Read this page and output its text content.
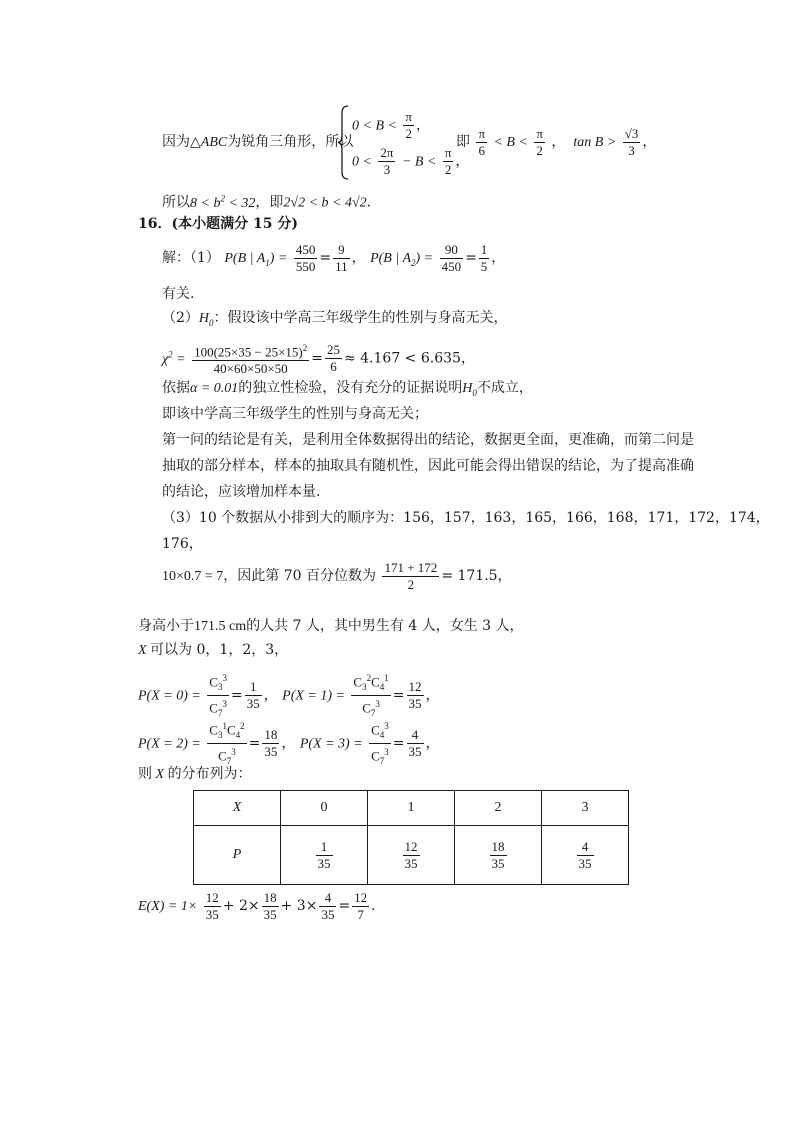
因为△ABC为锐角三角形，所以
$0 < B < \frac{\pi}{2}$ ，
$0 < \frac{2\pi}{3} - B < \frac{\pi}{2}$ ，
即 $\frac{\pi}{6} < B < \frac{\pi}{2}$ ，  $\tan B > \frac{√3}{3}$ ，
所以$8 < b^2 < 32$，即2√2 < b < 4√2.
16．(本小题满分 15 分)
解：（1） P(B | $A_1) = \frac{450}{550} = \frac{9}{11}$ ， P(B | $A_2) = \frac{90}{450} = \frac{1}{5}$ ，
有关.
$(2)H_0$：假设该中学高三年级学生的性别与身高无关，
$\chi^2 = \frac{100(25\times 35 - 25\times 15)^2}{40\times 60\times 50\times 50} = \frac{25}{6} \approx 4.167 < 6.635$，
依据α = 0.01的独立性检验，没有充分的证据说明$H_0$不成立，
即该中学高三年级学生的性别与身高无关；
第一问的结论是有关，是利用全体数据得出的结论，数据更全面，更准确，而第二问是
抽取的部分样本，样本的抽取具有随机性，因此可能会得出错误的结论，为了提高准确
的结论，应该增加样本量.
（3）10 个数据从小排到大的顺序为：156，157，163，165，166，168，171，172，174，
176，
10×0.7 = 7，因此第 70 百分位数为 $\frac{171 + 172}{2} = 171.5$，
身高小于171.5 cm的人共 7 人，其中男生有 4 人，女生 3 人，
X 可以为 0，1，2，3，
$P(X = 0) = \frac{C_3^3}{C_7^3} = \frac{1}{35}$ ， $P(X = 1) = \frac{C_3^2C_4^1}{C_7^3} = \frac{12}{35}$ ，
$P(X = 2) = \frac{C_3^1C_4^2}{C_7^3} = \frac{18}{35}$ ， $P(X = 3) = \frac{C_4^3}{C_7^3} = \frac{4}{35}$ ，
则 X 的分布列为：
X	0	1	2	3
P	$\frac{1}{35}$	$\frac{12}{35}$	$\frac{18}{35}$	$\frac{4}{35}$
$E(X) = 1\times \frac{12}{35} + 2\times \frac{18}{35} + 3\times \frac{4}{35} = \frac{12}{7}$ .
